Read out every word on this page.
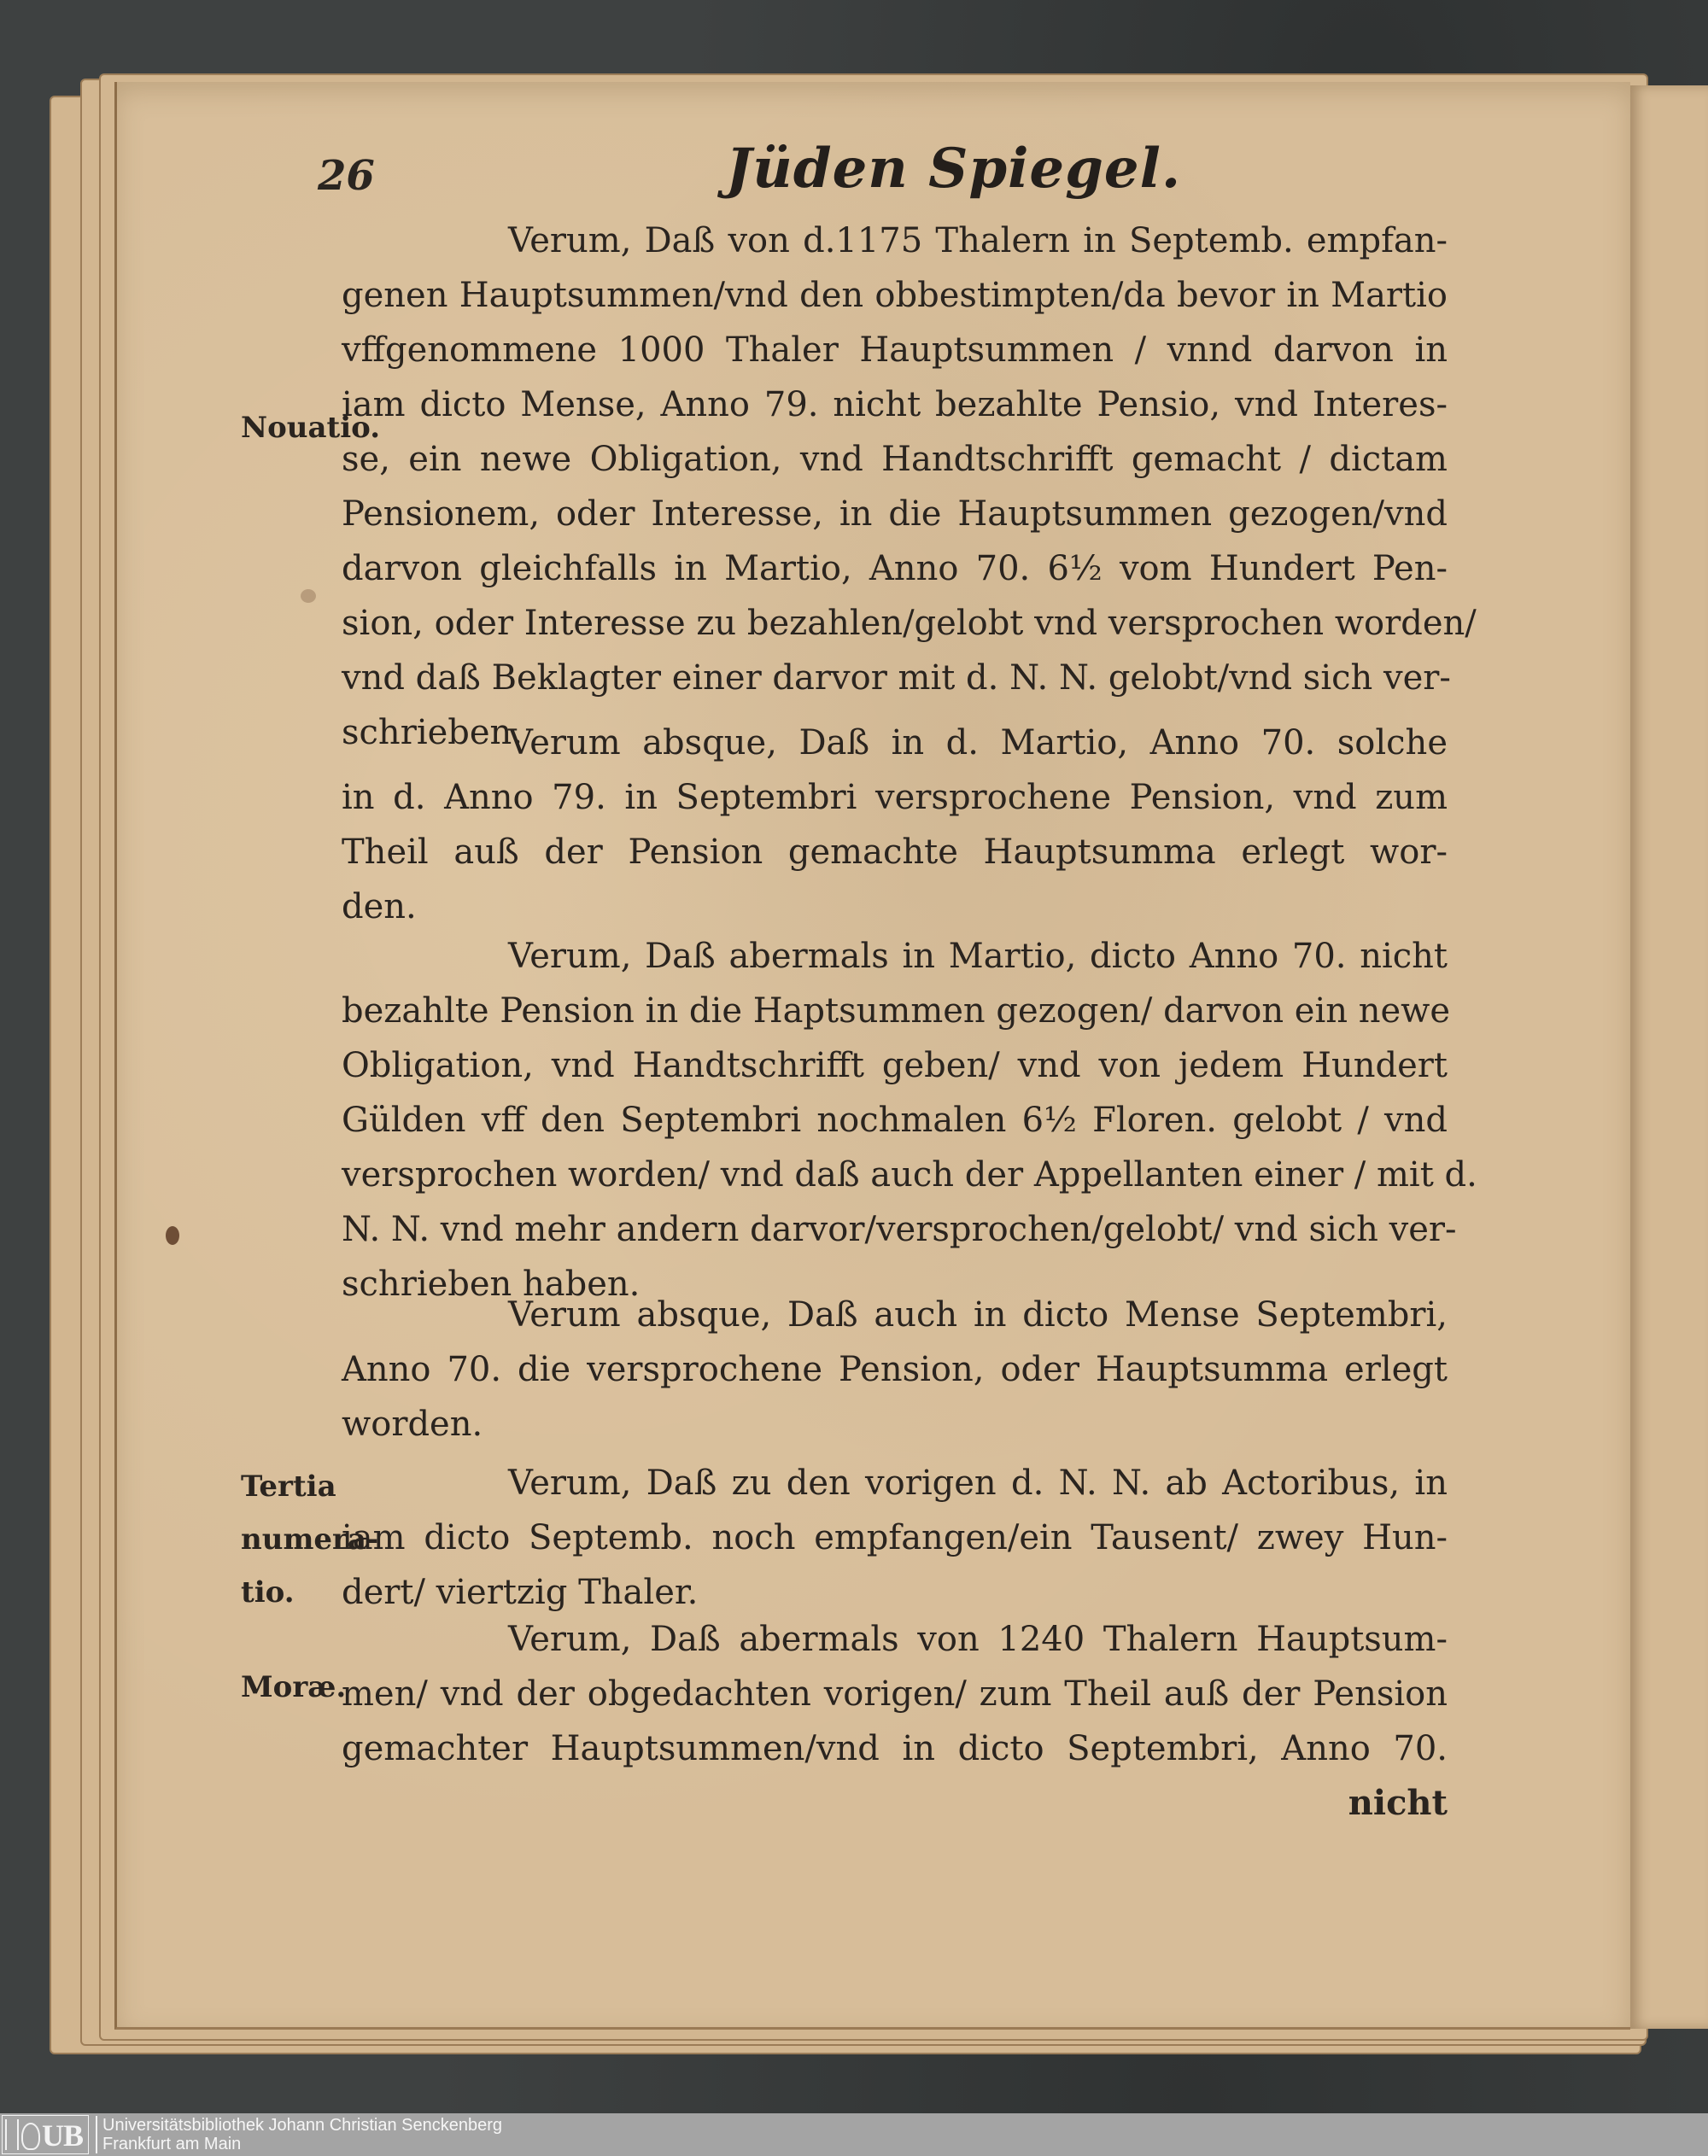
26	Jüden Spiegel.
Nouatio.
Tertia
numera-
tio.
Moræ.
Verum, Daß von d.1175 Thalern in Septemb. empfan-
genen Hauptsummen/vnd den obbestimpten/da bevor in Martio
vffgenommene 1000 Thaler Hauptsummen / vnnd darvon in
iam dicto Mense, Anno 79. nicht bezahlte Pensio, vnd Interes-
se, ein newe Obligation, vnd Handtschrifft gemacht / dictam
Pensionem, oder Interesse, in die Hauptsummen gezogen/vnd
darvon gleichfalls in Martio, Anno 70. 6½ vom Hundert Pen-
sion, oder Interesse zu bezahlen/gelobt vnd versprochen worden/
vnd daß Beklagter einer darvor mit d. N. N. gelobt/vnd sich ver-
schrieben.
Verum absque, Daß in d. Martio, Anno 70. solche
in d. Anno 79. in Septembri versprochene Pension, vnd zum
Theil auß der Pension gemachte Hauptsumma erlegt wor-
den.
Verum, Daß abermals in Martio, dicto Anno 70. nicht
bezahlte Pension in die Haptsummen gezogen/ darvon ein newe
Obligation, vnd Handtschrifft geben/ vnd von jedem Hundert
Gülden vff den Septembri nochmalen 6½ Floren. gelobt / vnd
versprochen worden/ vnd daß auch der Appellanten einer / mit d.
N. N. vnd mehr andern darvor/versprochen/gelobt/ vnd sich ver-
schrieben haben.
Verum absque, Daß auch in dicto Mense Septembri,
Anno 70. die versprochene Pension, oder Hauptsumma erlegt
worden.
Verum, Daß zu den vorigen d. N. N. ab Actoribus, in
iam dicto Septemb. noch empfangen/ein Tausent/ zwey Hun-
dert/ viertzig Thaler.
Verum, Daß abermals von 1240 Thalern Hauptsum-
men/ vnd der obgedachten vorigen/ zum Theil auß der Pension
gemachter Hauptsummen/vnd in dicto Septembri, Anno 70.
nicht
UB Universitätsbibliothek Johann Christian Senckenberg
Frankfurt am Main
